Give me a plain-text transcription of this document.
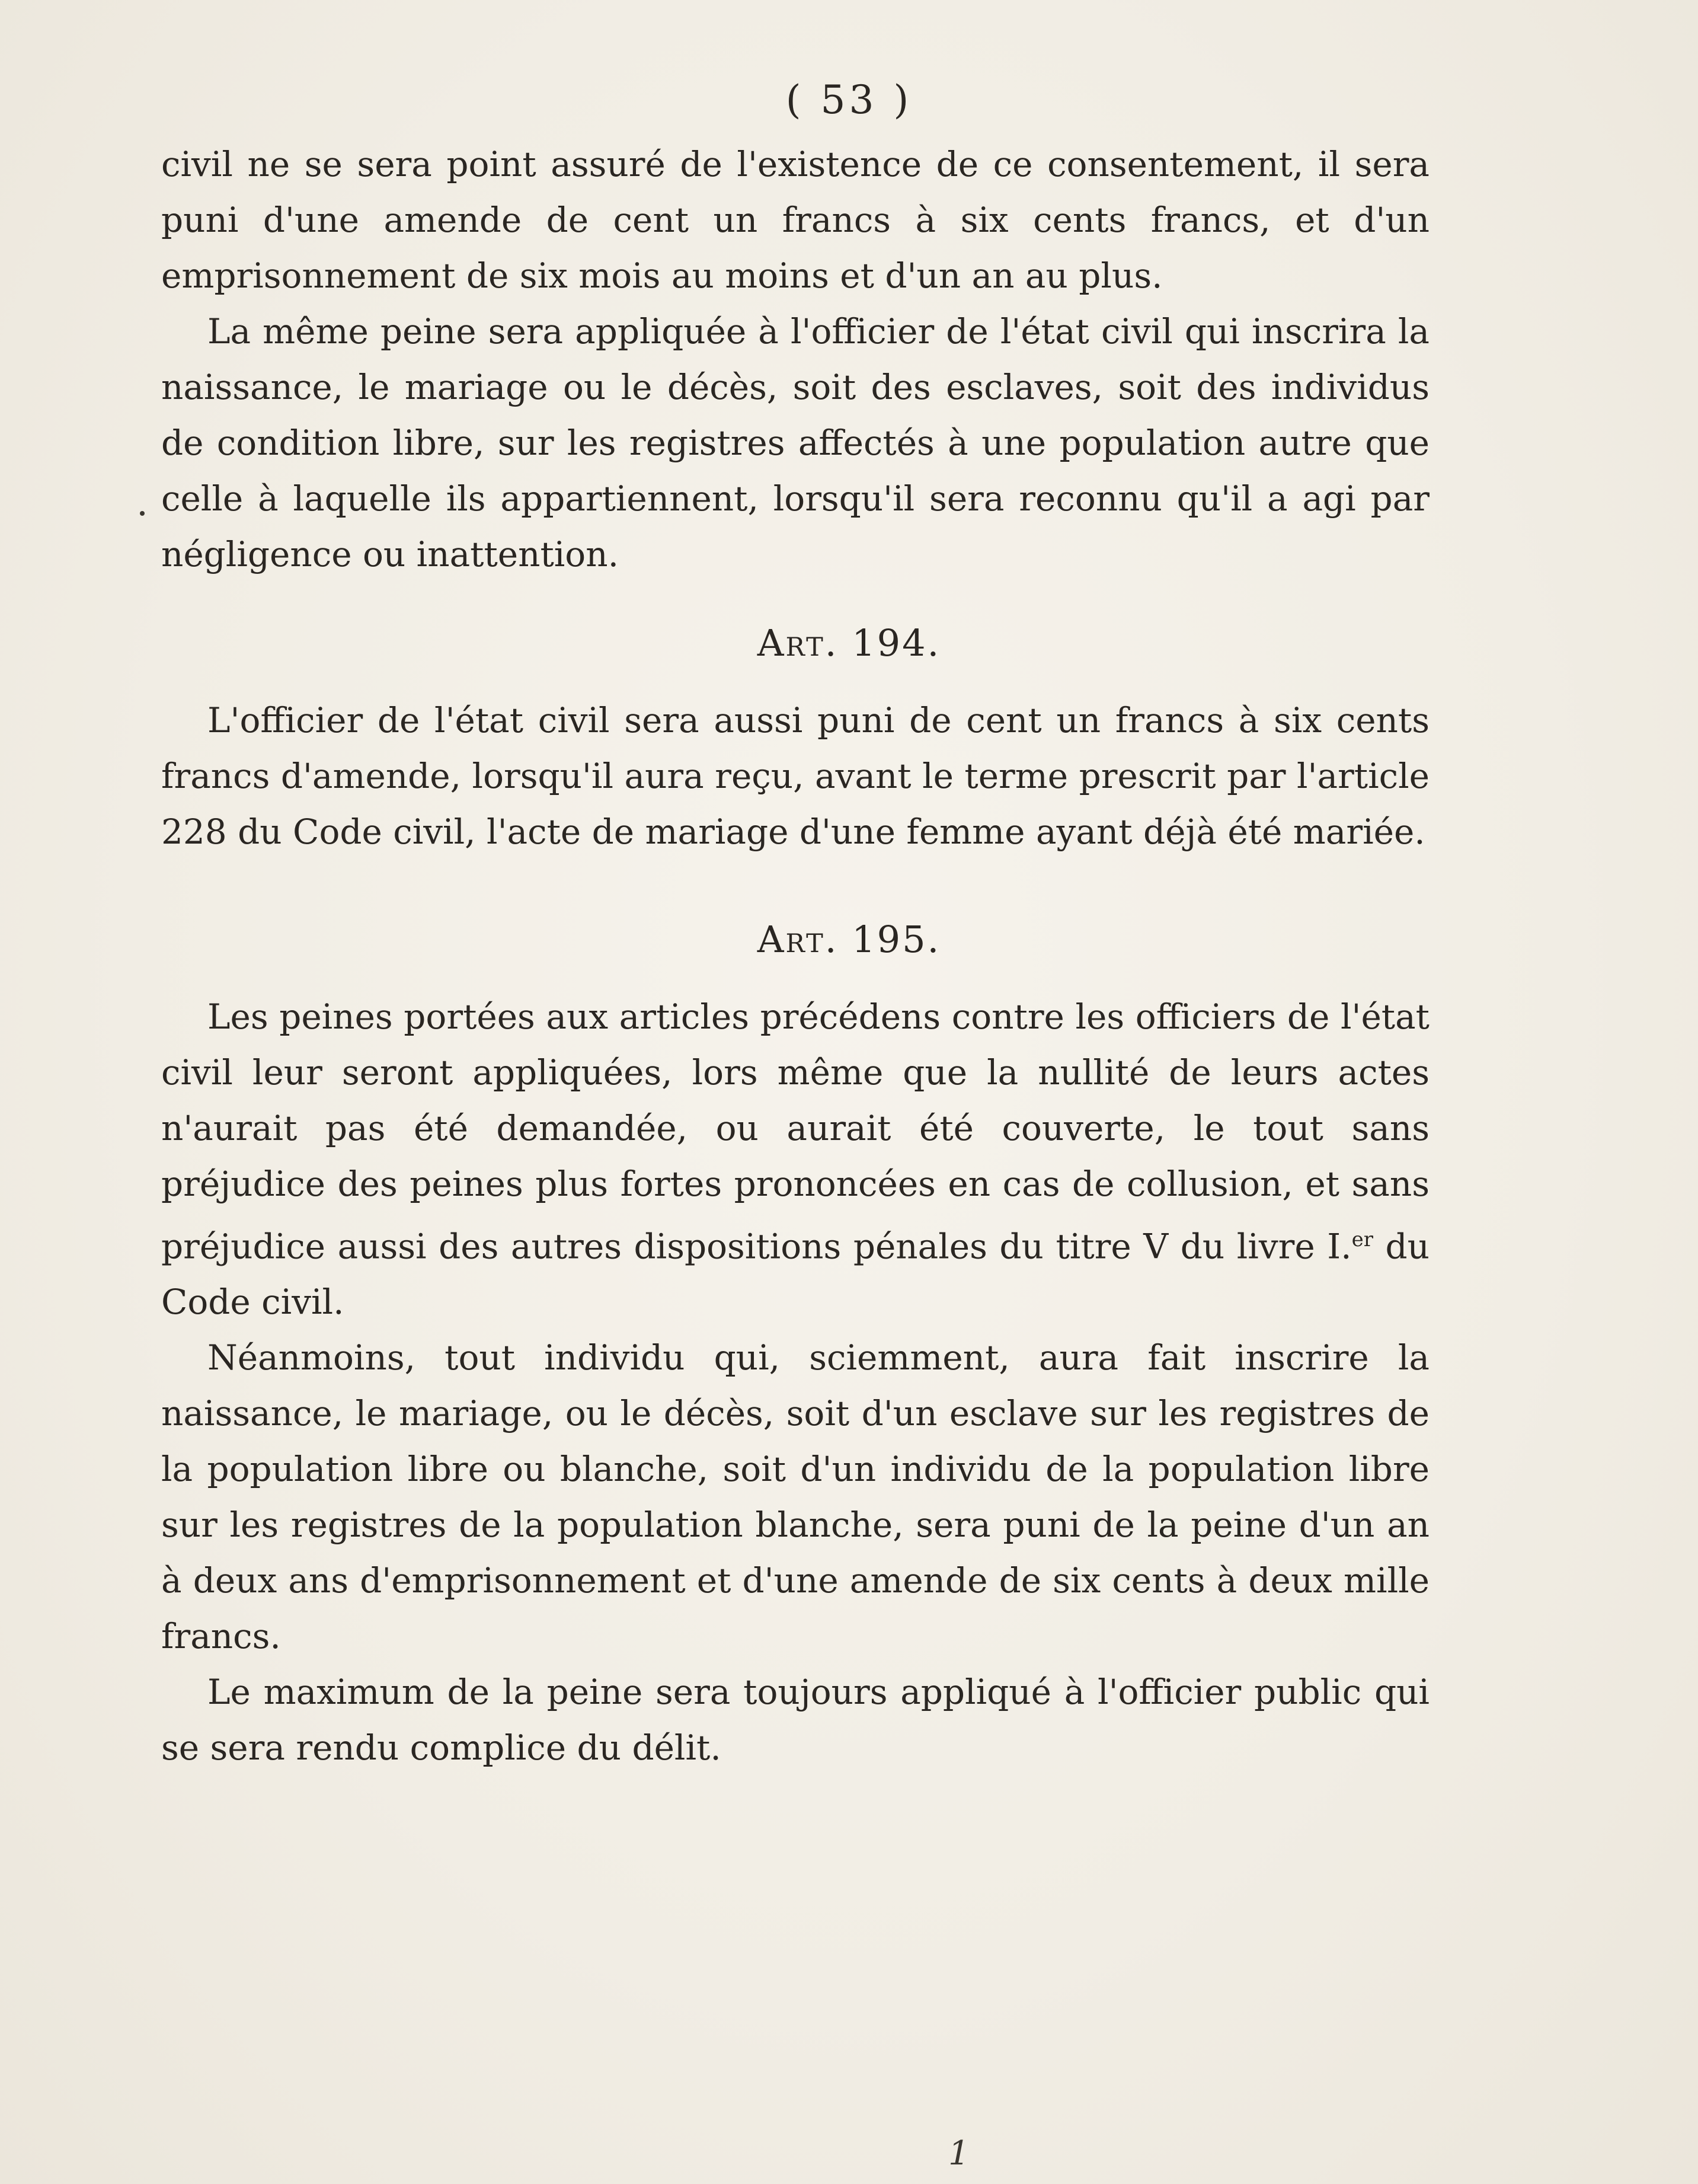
( 53 )

civil ne se sera point assuré de l'existence de ce consentement, il sera puni d'une amende de cent un francs à six cents francs, et d'un emprisonnement de six mois au moins et d'un an au plus.

La même peine sera appliquée à l'officier de l'état civil qui inscrira la naissance, le mariage ou le décès, soit des esclaves, soit des individus de condition libre, sur les registres affectés à une population autre que celle à laquelle ils appartiennent, lorsqu'il sera reconnu qu'il a agi par négligence ou inattention.

Art. 194.

L'officier de l'état civil sera aussi puni de cent un francs à six cents francs d'amende, lorsqu'il aura reçu, avant le terme prescrit par l'article 228 du Code civil, l'acte de mariage d'une femme ayant déjà été mariée.

Art. 195.

Les peines portées aux articles précédens contre les officiers de l'état civil leur seront appliquées, lors même que la nullité de leurs actes n'aurait pas été demandée, ou aurait été couverte, le tout sans préjudice des peines plus fortes prononcées en cas de collusion, et sans préjudice aussi des autres dispositions pénales du titre V du livre I.$^{er}$ du Code civil.

Néanmoins, tout individu qui, sciemment, aura fait inscrire la naissance, le mariage, ou le décès, soit d'un esclave sur les registres de la population libre ou blanche, soit d'un individu de la population libre sur les registres de la population blanche, sera puni de la peine d'un an à deux ans d'emprisonnement et d'une amende de six cents à deux mille francs.

Le maximum de la peine sera toujours appliqué à l'officier public qui se sera rendu complice du délit.

1
